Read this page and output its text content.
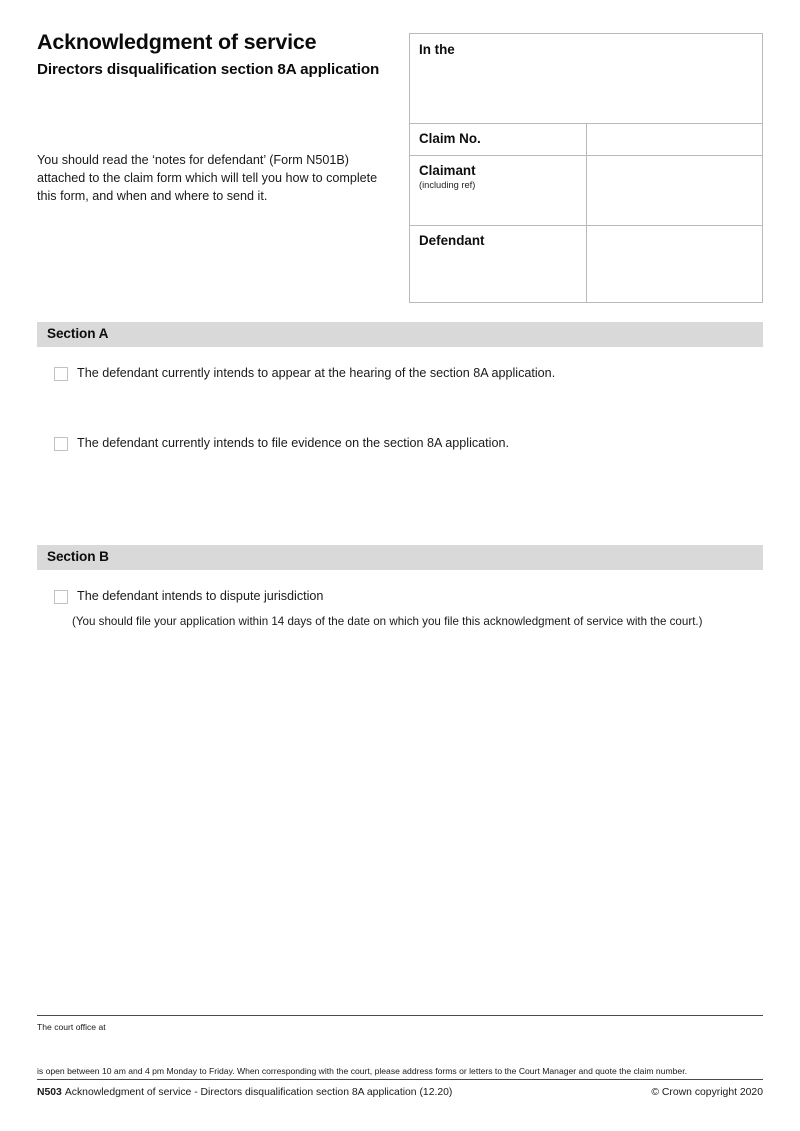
Acknowledgment of service
Directors disqualification section 8A application

You should read the ‘notes for defendant’ (Form N501B) attached to the claim form which will tell you how to complete this form, and when and where to send it.

In the	
Claim No.	
Claimant
(including ref)	

Defendant	
Section A
The defendant currently intends to appear at the hearing of the section 8A application.
The defendant currently intends to file evidence on the section 8A application.
Section B
The defendant intends to dispute jurisdiction
(You should file your application within 14 days of the date on which you file this acknowledgment of service with the court.)
The court office at
is open between 10 am and 4 pm Monday to Friday. When corresponding with the court, please address forms or letters to the Court Manager and quote the claim number.
N503 Acknowledgment of service - Directors disqualification section 8A application (12.20)	© Crown copyright 2020
